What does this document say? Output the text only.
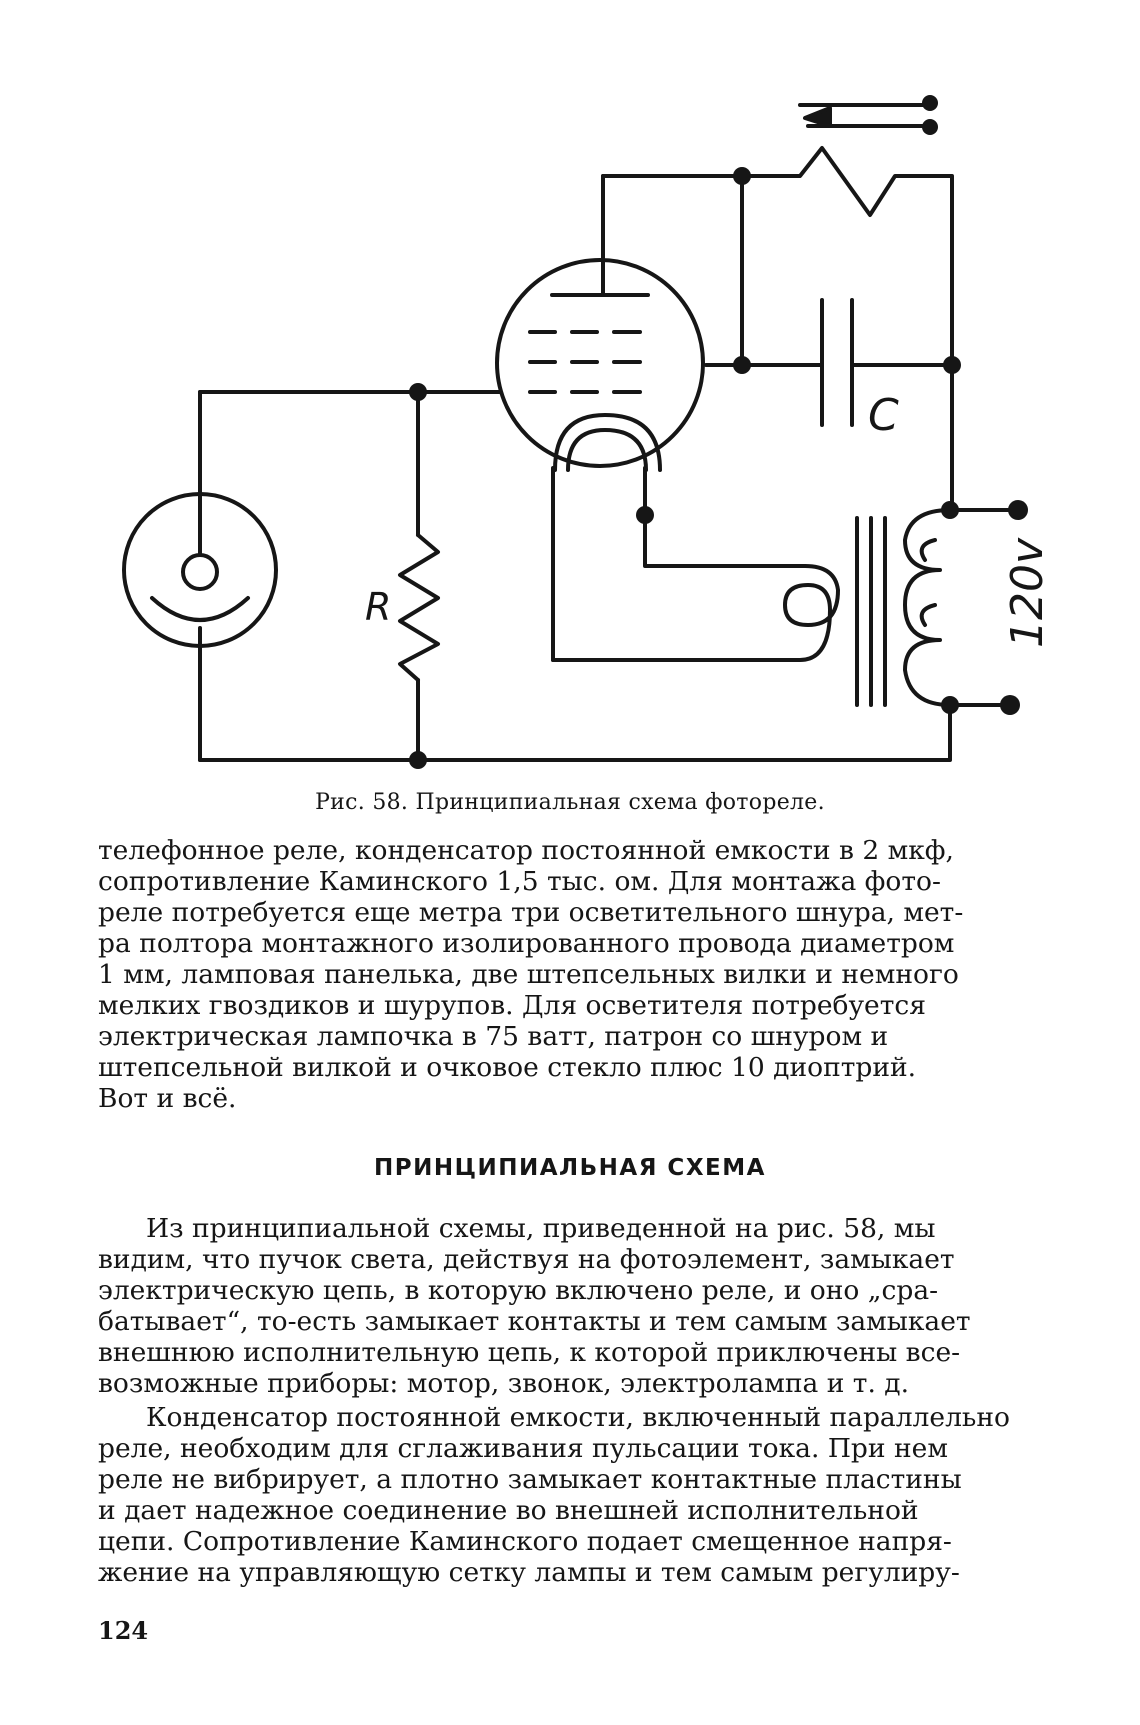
R
C
120v
Рис. 58. Принципиальная схема фотореле.

телефонное реле, конденсатор постоянной емкости в 2 мкф,

сопротивление Каминского 1,5 тыс. ом. Для монтажа фото-

реле потребуется еще метра три осветительного шнура, мет-

ра полтора монтажного изолированного провода диаметром

1 мм, ламповая панелька, две штепсельных вилки и немного

мелких гвоздиков и шурупов. Для осветителя потребуется

электрическая лампочка в 75 ватт, патрон со шнуром и

штепсельной вилкой и очковое стекло плюс 10 диоптрий.

Вот и всё.

ПРИНЦИПИАЛЬНАЯ СХЕМА

Из принципиальной схемы, приведенной на рис. 58, мы

видим, что пучок света, действуя на фотоэлемент, замыкает

электрическую цепь, в которую включено реле, и оно „сра-

батывает“, то-есть замыкает контакты и тем самым замыкает

внешнюю исполнительную цепь, к которой приключены все-

возможные приборы: мотор, звонок, электролампа и т. д.

Конденсатор постоянной емкости, включенный параллельно

реле, необходим для сглаживания пульсации тока. При нем

реле не вибрирует, а плотно замыкает контактные пластины

и дает надежное соединение во внешней исполнительной

цепи. Сопротивление Каминского подает смещенное напря-

жение на управляющую сетку лампы и тем самым регулиру-

124
